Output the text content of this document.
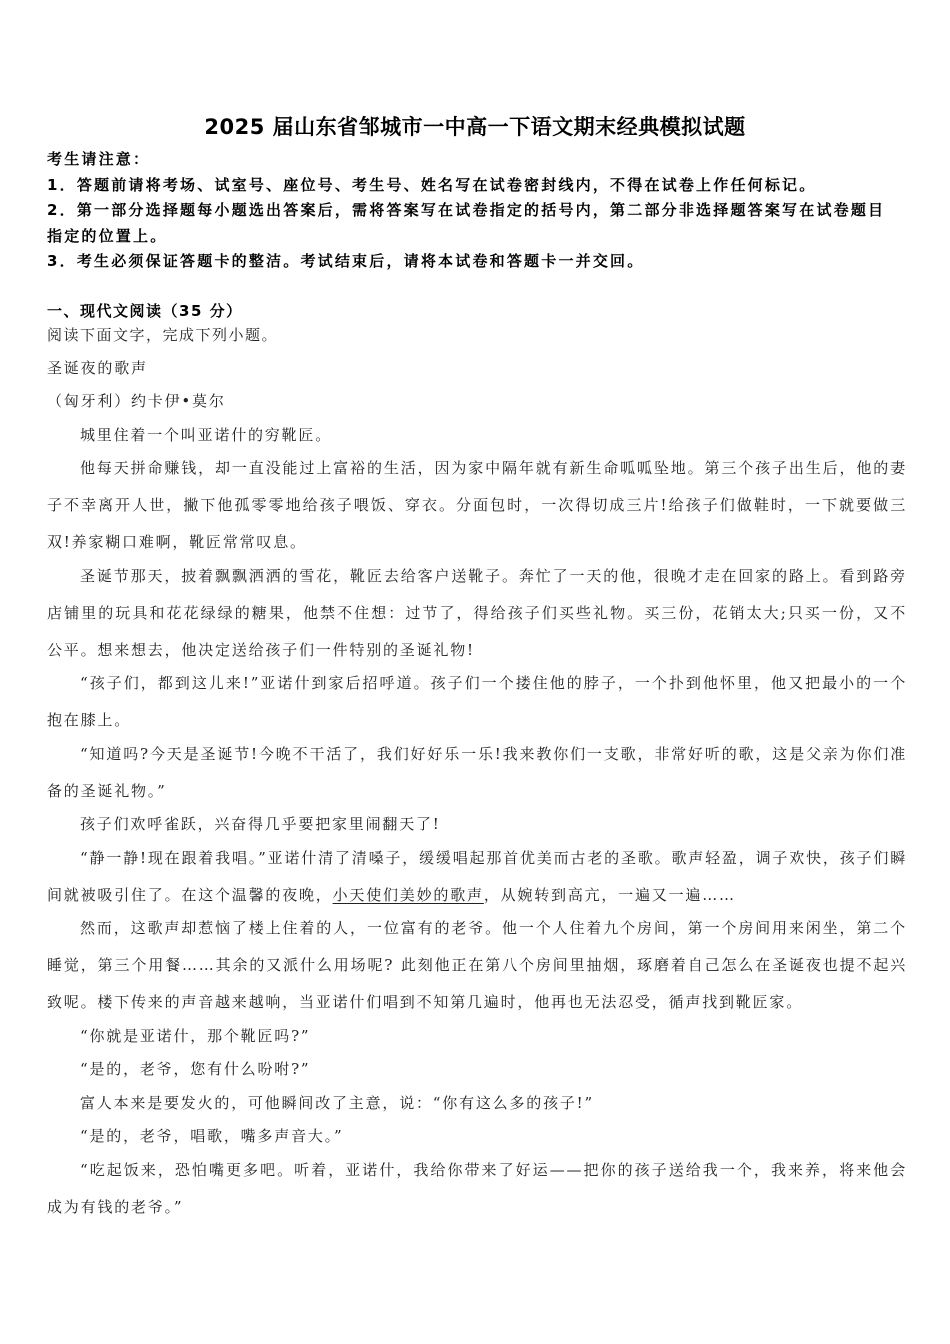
2025 届山东省邹城市一中高一下语文期末经典模拟试题
考生请注意：
1．答题前请将考场、试室号、座位号、考生号、姓名写在试卷密封线内，不得在试卷上作任何标记。
2．第一部分选择题每小题选出答案后，需将答案写在试卷指定的括号内，第二部分非选择题答案写在试卷题目指定的位置上。
3．考生必须保证答题卡的整洁。考试结束后，请将本试卷和答题卡一并交回。
一、现代文阅读（35 分）
阅读下面文字，完成下列小题。

圣诞夜的歌声

（匈牙利）约卡伊•莫尔

城里住着一个叫亚诺什的穷靴匠。

他每天拼命赚钱，却一直没能过上富裕的生活，因为家中隔年就有新生命呱呱坠地。第三个孩子出生后，他的妻子不幸离开人世，撇下他孤零零地给孩子喂饭、穿衣。分面包时，一次得切成三片!给孩子们做鞋时，一下就要做三双!养家糊口难啊，靴匠常常叹息。

圣诞节那天，披着飘飘洒洒的雪花，靴匠去给客户送靴子。奔忙了一天的他，很晚才走在回家的路上。看到路旁店铺里的玩具和花花绿绿的糖果，他禁不住想：过节了，得给孩子们买些礼物。买三份，花销太大;只买一份，又不公平。想来想去，他决定送给孩子们一件特别的圣诞礼物!

“孩子们，都到这儿来!”亚诺什到家后招呼道。孩子们一个搂住他的脖子，一个扑到他怀里，他又把最小的一个抱在膝上。

“知道吗?今天是圣诞节!今晚不干活了，我们好好乐一乐!我来教你们一支歌，非常好听的歌，这是父亲为你们准备的圣诞礼物。”

孩子们欢呼雀跃，兴奋得几乎要把家里闹翻天了!

“静一静!现在跟着我唱。”亚诺什清了清嗓子，缓缓唱起那首优美而古老的圣歌。歌声轻盈，调子欢快，孩子们瞬间就被吸引住了。在这个温馨的夜晚，小天使们美妙的歌声，从婉转到高亢，一遍又一遍……

然而，这歌声却惹恼了楼上住着的人，一位富有的老爷。他一个人住着九个房间，第一个房间用来闲坐，第二个睡觉，第三个用餐……其余的又派什么用场呢? 此刻他正在第八个房间里抽烟，琢磨着自己怎么在圣诞夜也提不起兴致呢。楼下传来的声音越来越响，当亚诺什们唱到不知第几遍时，他再也无法忍受，循声找到靴匠家。

“你就是亚诺什，那个靴匠吗?”

“是的，老爷，您有什么吩咐?”

富人本来是要发火的，可他瞬间改了主意，说：“你有这么多的孩子!”

“是的，老爷，唱歌，嘴多声音大。”

“吃起饭来，恐怕嘴更多吧。听着，亚诺什，我给你带来了好运——把你的孩子送给我一个，我来养，将来他会成为有钱的老爷。”
